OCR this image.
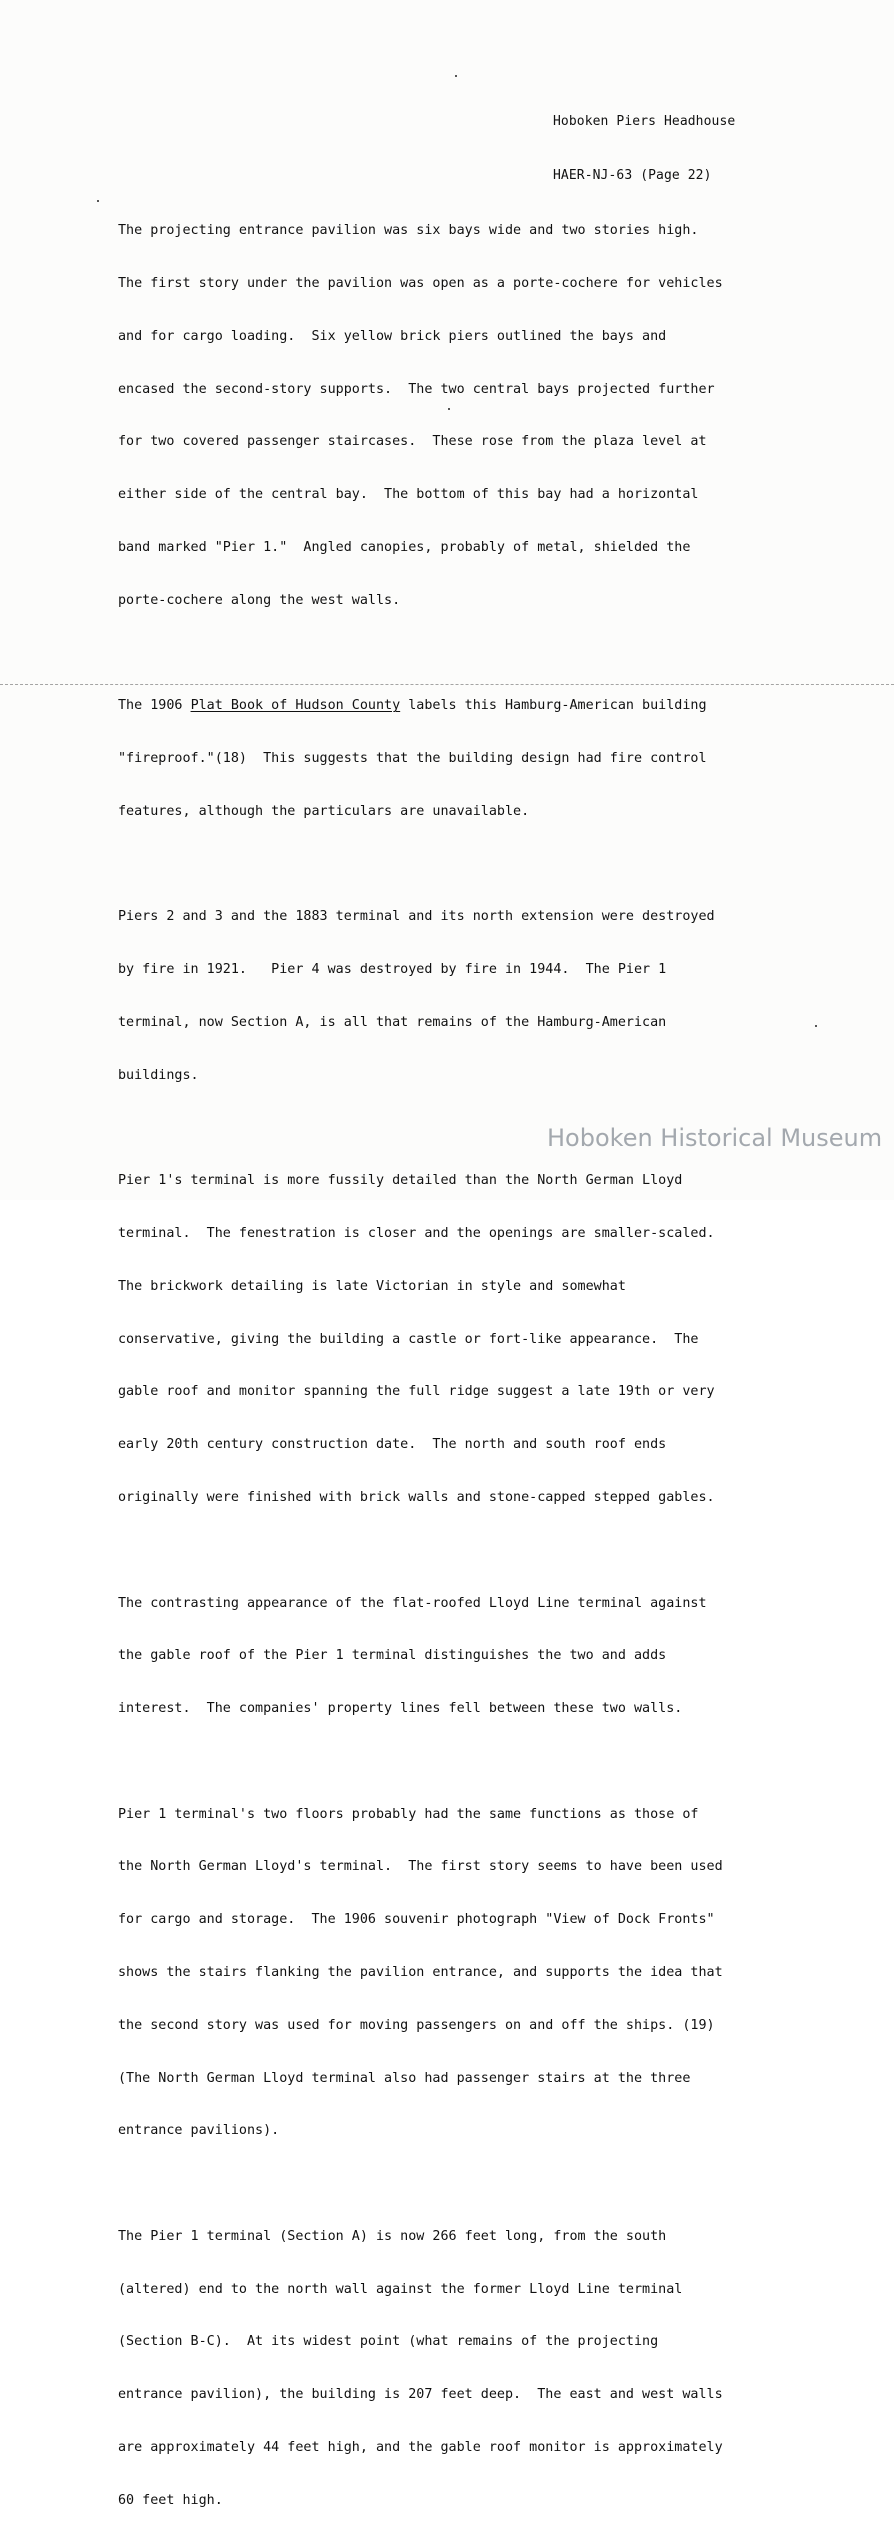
Hoboken Piers Headhouse

HAER-NJ-63 (Page 22)

The projecting entrance pavilion was six bays wide and two stories high.

The first story under the pavilion was open as a porte-cochere for vehicles

and for cargo loading.  Six yellow brick piers outlined the bays and

encased the second-story supports.  The two central bays projected further

for two covered passenger staircases.  These rose from the plaza level at

either side of the central bay.  The bottom of this bay had a horizontal

band marked "Pier 1."  Angled canopies, probably of metal, shielded the

porte-cochere along the west walls.

The 1906 Plat Book of Hudson County labels this Hamburg-American building

"fireproof."(18)  This suggests that the building design had fire control

features, although the particulars are unavailable.

Piers 2 and 3 and the 1883 terminal and its north extension were destroyed

by fire in 1921.   Pier 4 was destroyed by fire in 1944.  The Pier 1

terminal, now Section A, is all that remains of the Hamburg-American

buildings.

Pier 1's terminal is more fussily detailed than the North German Lloyd

terminal.  The fenestration is closer and the openings are smaller-scaled.

The brickwork detailing is late Victorian in style and somewhat

conservative, giving the building a castle or fort-like appearance.  The

gable roof and monitor spanning the full ridge suggest a late 19th or very

early 20th century construction date.  The north and south roof ends

originally were finished with brick walls and stone-capped stepped gables.

The contrasting appearance of the flat-roofed Lloyd Line terminal against

the gable roof of the Pier 1 terminal distinguishes the two and adds

interest.  The companies' property lines fell between these two walls.

Pier 1 terminal's two floors probably had the same functions as those of

the North German Lloyd's terminal.  The first story seems to have been used

for cargo and storage.  The 1906 souvenir photograph "View of Dock Fronts"

shows the stairs flanking the pavilion entrance, and supports the idea that

the second story was used for moving passengers on and off the ships. (19)

(The North German Lloyd terminal also had passenger stairs at the three

entrance pavilions).

The Pier 1 terminal (Section A) is now 266 feet long, from the south

(altered) end to the north wall against the former Lloyd Line terminal

(Section B-C).  At its widest point (what remains of the projecting

entrance pavilion), the building is 207 feet deep.  The east and west walls

are approximately 44 feet high, and the gable roof monitor is approximately

60 feet high.

Hoboken Historical Museum
